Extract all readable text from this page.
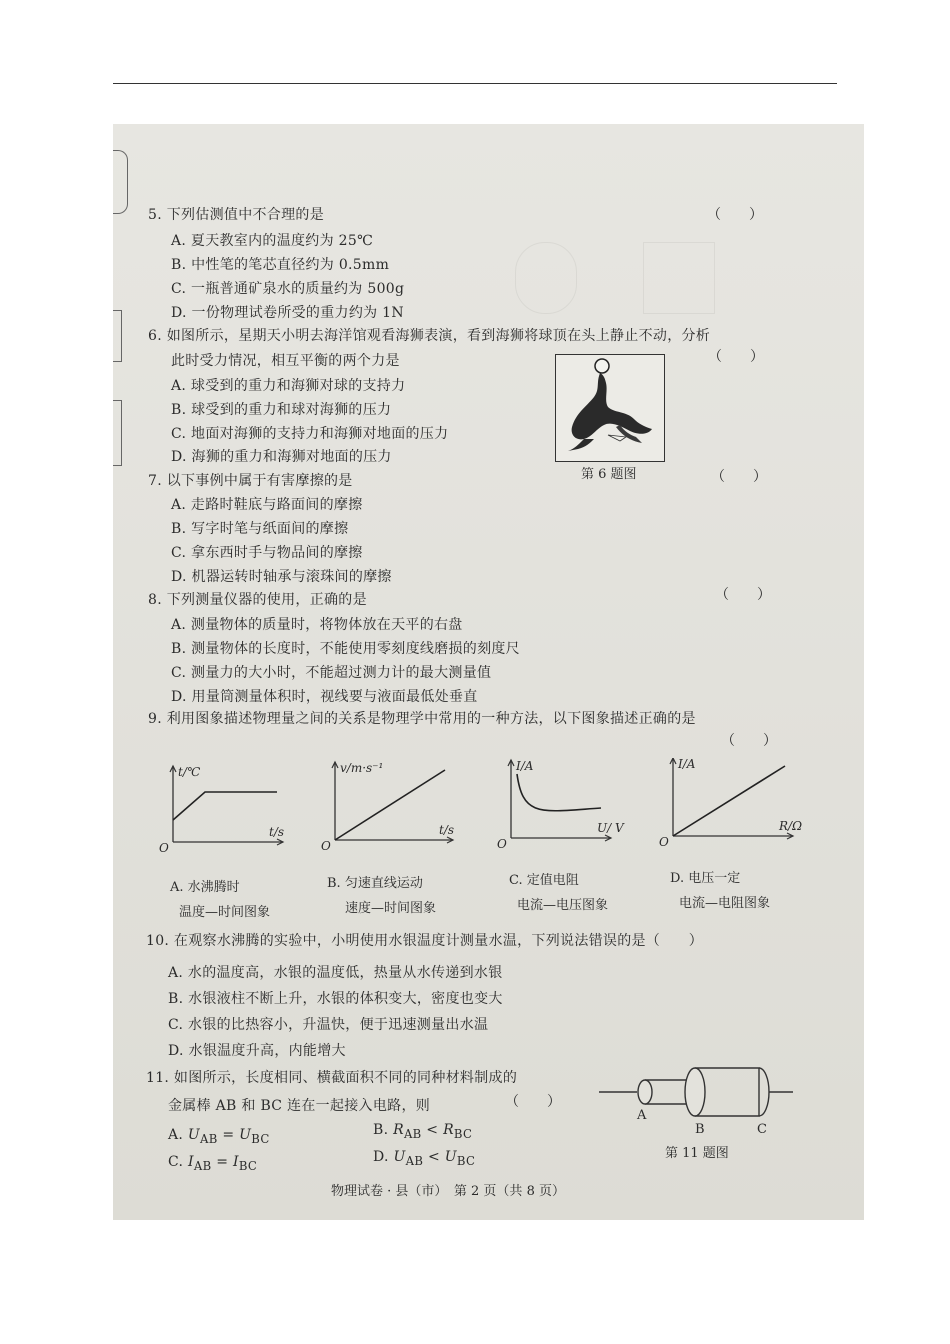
5. 下列估测值中不合理的是	（　　）
A. 夏天教室内的温度约为 25℃
B. 中性笔的笔芯直径约为 0.5mm
C. 一瓶普通矿泉水的质量约为 500g
D. 一份物理试卷所受的重力约为 1N
6. 如图所示，星期天小明去海洋馆观看海狮表演，看到海狮将球顶在头上静止不动，分析
此时受力情况，相互平衡的两个力是	（　　）
A. 球受到的重力和海狮对球的支持力
B. 球受到的重力和球对海狮的压力
C. 地面对海狮的支持力和海狮对地面的压力
D. 海狮的重力和海狮对地面的压力
第 6 题图
7. 以下事例中属于有害摩擦的是	（　　）
A. 走路时鞋底与路面间的摩擦
B. 写字时笔与纸面间的摩擦
C. 拿东西时手与物品间的摩擦
D. 机器运转时轴承与滚珠间的摩擦
8. 下列测量仪器的使用，正确的是	（　　）
A. 测量物体的质量时，将物体放在天平的右盘
B. 测量物体的长度时，不能使用零刻度线磨损的刻度尺
C. 测量力的大小时，不能超过测力计的最大测量值
D. 用量筒测量体积时，视线要与液面最低处垂直
9. 利用图象描述物理量之间的关系是物理学中常用的一种方法，以下图象描述正确的是
（　　）
t/℃
t/s
O
v/m·s⁻¹
t/s
O
I/A
U/ V
O
I/A
R/Ω
O
A. 水沸腾时
温度—时间图象
B. 匀速直线运动
速度—时间图象
C. 定值电阻
电流—电压图象
D. 电压一定
电流—电阻图象
10. 在观察水沸腾的实验中，小明使用水银温度计测量水温，下列说法错误的是（　　）
A. 水的温度高，水银的温度低，热量从水传递到水银
B. 水银液柱不断上升，水银的体积变大，密度也变大
C. 水银的比热容小，升温快，便于迅速测量出水温
D. 水银温度升高，内能增大
11. 如图所示，长度相同、横截面积不同的同种材料制成的
金属棒 AB 和 BC 连在一起接入电路，则	（　　）
A. $U_{AB} = U_{BC}$
B. $R_{AB} < R_{BC}$
C. $I_{AB} = I_{BC}$
D. $U_{AB} < U_{BC}$
A
B	C
第 11 题图
物理试卷 · 县（市）　第 2 页（共 8 页）
